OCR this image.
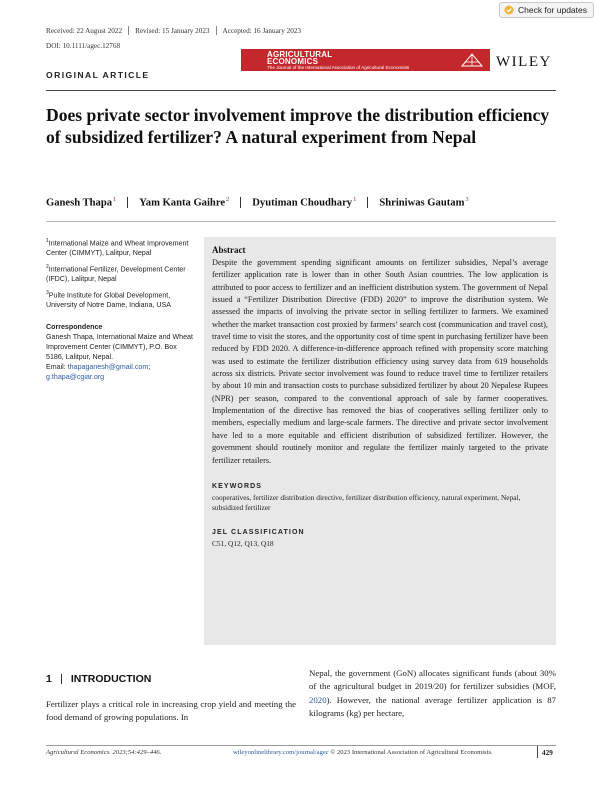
Check for updates
Received: 22 August 2022 Revised: 15 January 2023 Accepted: 16 January 2023
DOI: 10.1111/agec.12768
AGRICULTURAL
ECONOMICS
The Journal of the International Association of Agricultural Economists	WILEY
ORIGINAL ARTICLE
Does private sector involvement improve the distribution efficiency of subsidized fertilizer? A natural experiment from Nepal
Ganesh Thapa$^1$ Yam Kanta Gaihre$^2$ Dyutiman Choudhary$^1$ Shriniwas Gautam$^3$
$^1$International Maize and Wheat Improvement Center (CIMMYT), Lalitpur, Nepal
$^2$International Fertilizer, Development Center (IFDC), Lalitpur, Nepal
$^3$Pulte Institute for Global Development, University of Notre Dame, Indiana, USA
Correspondence
Ganesh Thapa, International Maize and Wheat Improvement Center (CIMMYT), P.O. Box 5186, Lalitpur, Nepal.
Email: thapaganesh@gmail.com;
g.thapa@cgiar.org
Abstract
Despite the government spending significant amounts on fertilizer subsidies, Nepal’s average fertilizer application rate is lower than in other South Asian countries. The low application is attributed to poor access to fertilizer and an inefficient distribution system. The government of Nepal issued a “Fertilizer Distribution Directive (FDD) 2020” to improve the distribution system. We assessed the impacts of involving the private sector in selling fertilizer to farmers. We examined whether the market transaction cost proxied by farmers’ search cost (communication and travel cost), travel time to visit the stores, and the opportunity cost of time spent in purchasing fertilizer have been reduced by FDD 2020. A difference-in-difference approach refined with propensity score matching was used to estimate the fertilizer distribution efficiency using survey data from 619 households across six districts. Private sector involvement was found to reduce travel time to fertilizer retailers by about 10 min and transaction costs to purchase subsidized fertilizer by about 20 Nepalese Rupees (NPR) per season, compared to the conventional approach of sale by farmer cooperatives. Implementation of the directive has removed the bias of cooperatives selling fertilizer only to members, especially medium and large-scale farmers. The directive and private sector involvement have led to a more equitable and efficient distribution of subsidized fertilizer. However, the government should routinely monitor and regulate the fertilizer mainly targeted to the private fertilizer retailers.
KEYWORDS
cooperatives, fertilizer distribution directive, fertilizer distribution efficiency, natural experiment, Nepal, subsidized fertilizer
JEL CLASSIFICATION
C51, Q12, Q13, Q18
1 INTRODUCTION
Fertilizer plays a critical role in increasing crop yield and meeting the food demand of growing populations. In
Nepal, the government (GoN) allocates significant funds (about 30% of the agricultural budget in 2019/20) for fertilizer subsidies (MOF, 2020). However, the national average fertilizer application is 87 kilograms (kg) per hectare,
Agricultural Economics. 2023;54:429–446.	wileyonlinelibrary.com/journal/agec © 2023 International Association of Agricultural Economists.	429
